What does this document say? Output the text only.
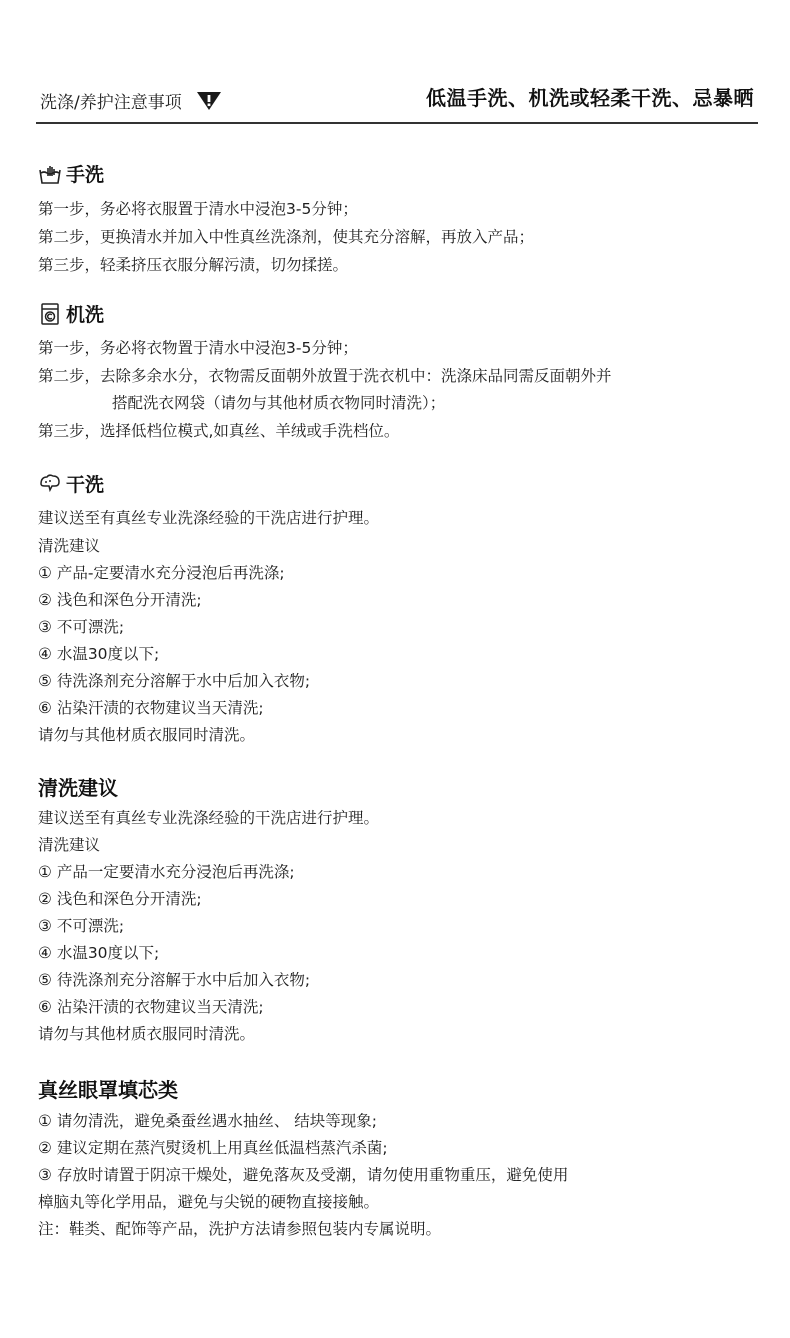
洗涤/养护注意事项	低温手洗、机洗或轻柔干洗、忌暴晒
手洗
第一步，务必将衣服置于清水中浸泡3-5分钟；
第二步，更换清水并加入中性真丝洗涤剂，使其充分溶解，再放入产品；
第三步，轻柔挤压衣服分解污渍，切勿揉搓。
机洗
第一步，务必将衣物置于清水中浸泡3-5分钟；
第二步，去除多余水分，衣物需反面朝外放置于洗衣机中：洗涤床品同需反面朝外并
搭配洗衣网袋（请勿与其他材质衣物同时清洗）；
第三步，选择低档位模式,如真丝、羊绒或手洗档位。
干洗
建议送至有真丝专业洗涤经验的干洗店进行护理。
清洗建议
① 产品-定要清水充分浸泡后再洗涤;
② 浅色和深色分开清洗;
③ 不可漂洗;
④ 水温30度以下;
⑤ 待洗涤剂充分溶解于水中后加入衣物;
⑥ 沾染汗渍的衣物建议当天清洗;
请勿与其他材质衣服同时清洗。
清洗建议
建议送至有真丝专业洗涤经验的干洗店进行护理。
清洗建议
① 产品一定要清水充分浸泡后再洗涤;
② 浅色和深色分开清洗;
③ 不可漂洗;
④ 水温30度以下;
⑤ 待洗涤剂充分溶解于水中后加入衣物;
⑥ 沾染汗渍的衣物建议当天清洗;
请勿与其他材质衣服同时清洗。
真丝眼罩填芯类
① 请勿清洗，避免桑蚕丝遇水抽丝、 结块等现象;
② 建议定期在蒸汽熨烫机上用真丝低温档蒸汽杀菌;
③ 存放时请置于阴凉干燥处，避免落灰及受潮，请勿使用重物重压，避免使用
樟脑丸等化学用品，避免与尖锐的硬物直接接触。
注：鞋类、配饰等产品，洗护方法请参照包装内专属说明。
